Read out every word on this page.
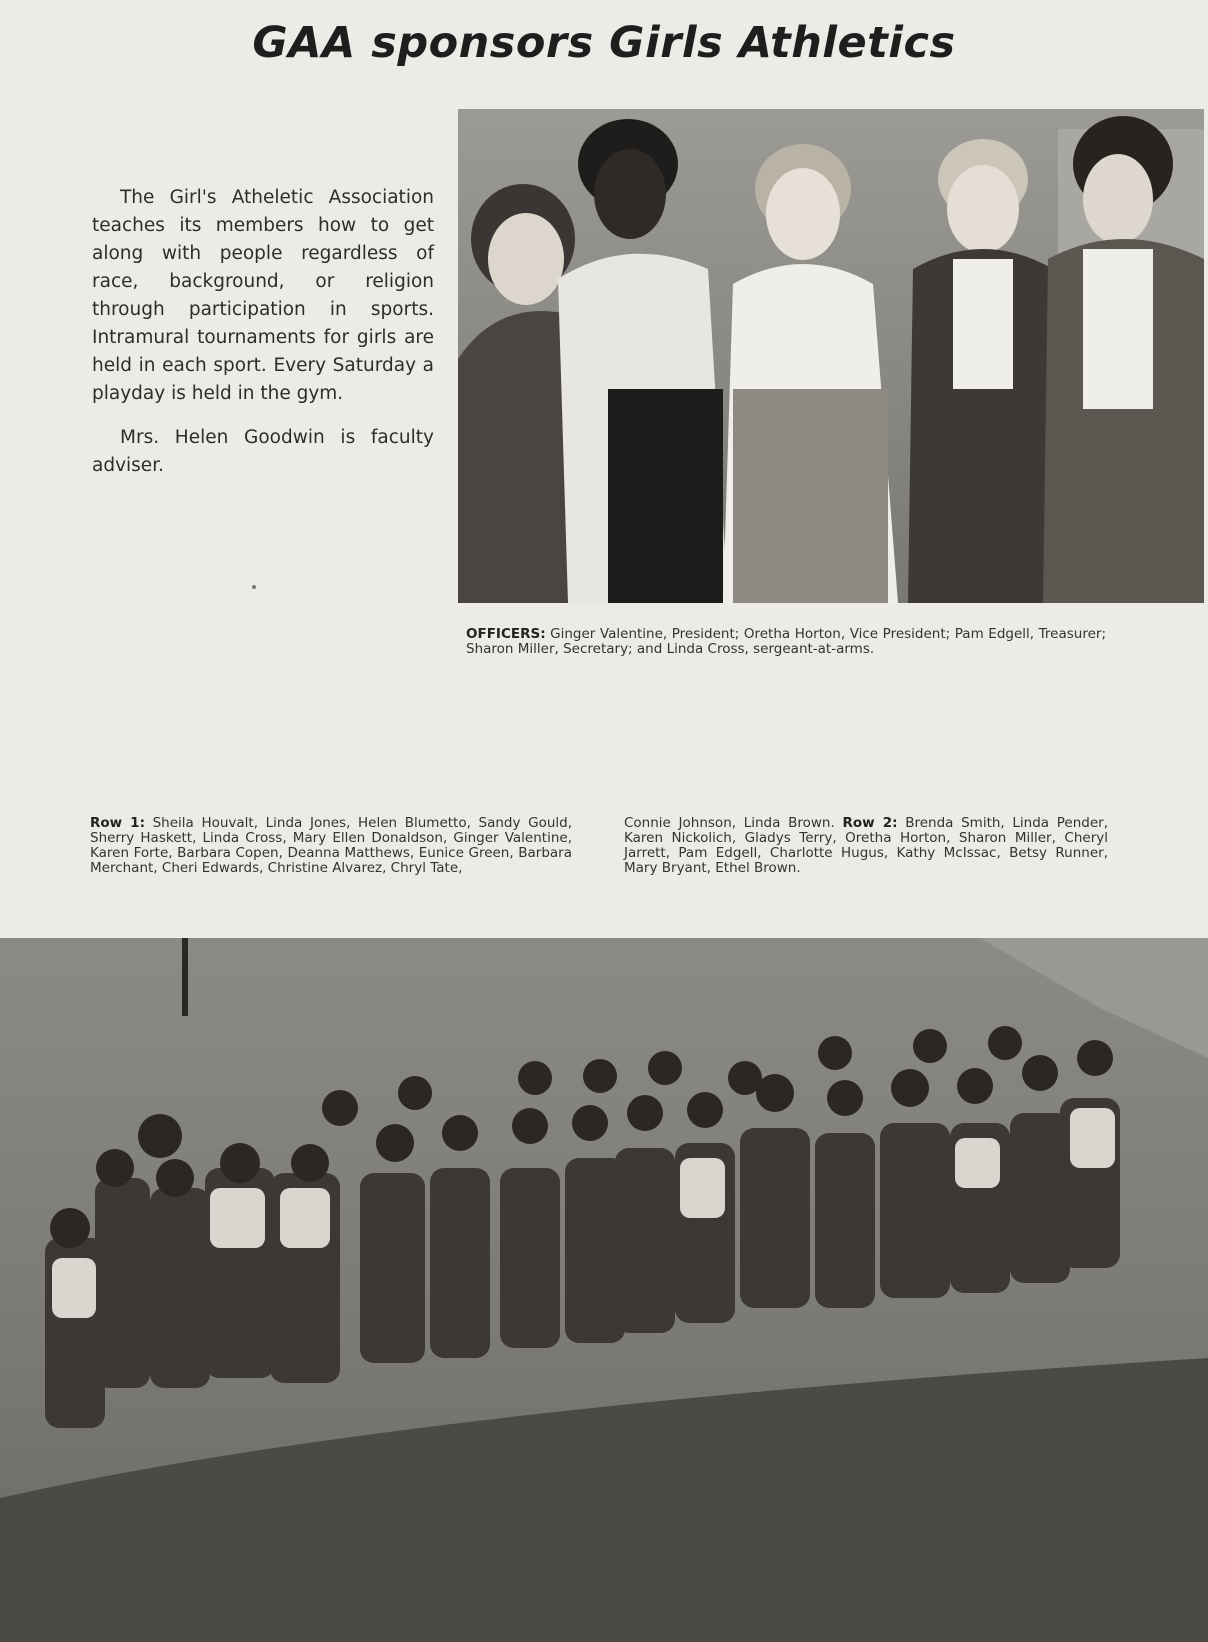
GAA sponsors Girls Athletics

The Girl's Atheletic Association teaches its members how to get along with people regardless of race, background, or religion through participation in sports. Intramural tournaments for girls are held in each sport. Every Saturday a playday is held in the gym.

Mrs. Helen Goodwin is faculty adviser.

OFFICERS: Ginger Valentine, President; Oretha Horton, Vice President; Pam Edgell, Treasurer; Sharon Miller, Secretary; and Linda Cross, sergeant-at-arms.
Row 1: Sheila Houvalt, Linda Jones, Helen Blumetto, Sandy Gould, Sherry Haskett, Linda Cross, Mary Ellen Donaldson, Ginger Valentine, Karen Forte, Barbara Copen, Deanna Matthews, Eunice Green, Barbara Merchant, Cheri Edwards, Christine Alvarez, Chryl Tate,
Connie Johnson, Linda Brown. Row 2: Brenda Smith, Linda Pender, Karen Nickolich, Gladys Terry, Oretha Horton, Sharon Miller, Cheryl Jarrett, Pam Edgell, Charlotte Hugus, Kathy McIssac, Betsy Runner, Mary Bryant, Ethel Brown.
